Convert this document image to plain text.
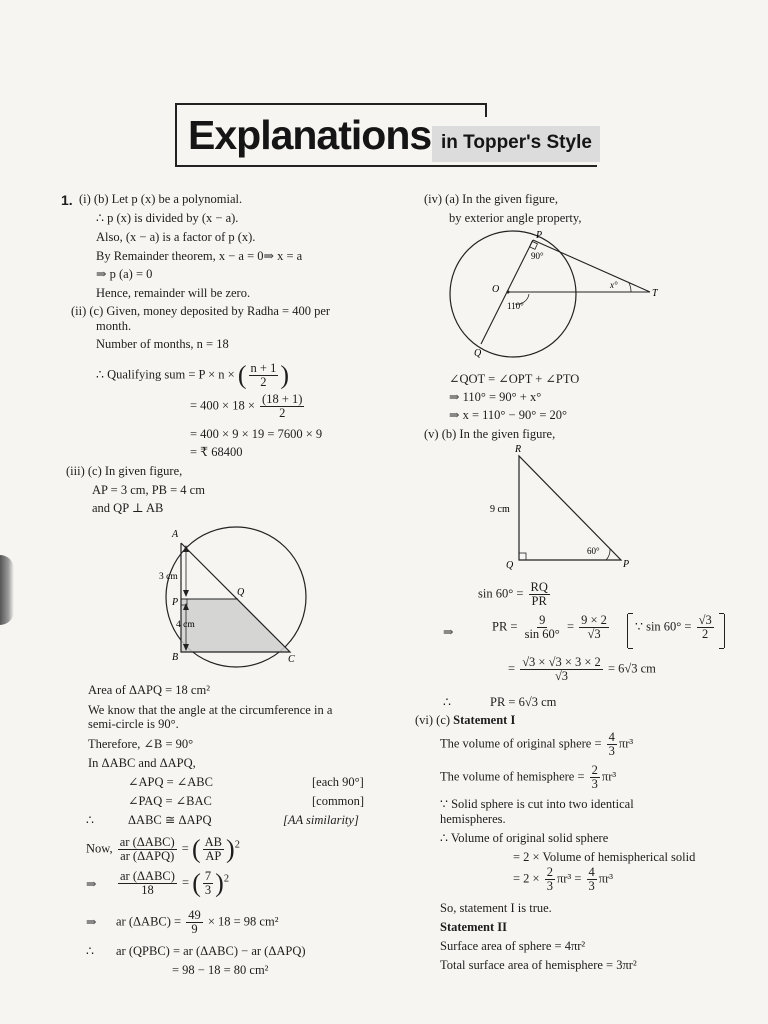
Explanations in Topper's Style
1. (i) (b) Let p (x) be a polynomial.
∴ p (x) is divided by (x − a).
Also, (x − a) is a factor of p (x).
By Remainder theorem, x − a = 0⇒ x = a
⇒ p (a) = 0
Hence, remainder will be zero.
(ii) (c) Given, money deposited by Radha = 400 per
month.
Number of months, n = 18
∴ Qualifying sum = P × n × ( $\frac{n + 1}{2}$ )
= $400 \times 18 \times \frac{(18 + 1)}{2}$
= 400 × 9 × 19 = 7600 × 9
= ₹ 68400
(iii) (c) In given figure,
AP = 3 cm, PB = 4 cm
and QP ⊥ AB
A
B	C
P
Q
3 cm
4 cm
Area of ΔAPQ = 18 cm²
We know that the angle at the circumference in a
semi-circle is 90°.
Therefore, ∠B = 90°
In ΔABC and ΔAPQ,
∠APQ = ∠ABC	[each 90°]
∠PAQ = ∠BAC	[common]
∴	ΔABC ≅ ΔAPQ	[AA similarity]
Now, $\frac{\text{ar (ΔABC)}}{\text{ar (ΔAPQ)}}$ = ( $\frac{AB}{AP} )^2$
⇒ $\frac{\text{ar (ΔABC)}}{18}$ = ( $\frac{7}{3} )^2$
⇒ ar $(\Delta ABC) = \frac{49}{9} \times 18 = 98$ cm²
∴ ar (QPBC) = ar (ΔABC) − ar (ΔAPQ)
= 98 − 18 = 80 cm²
(iv) (a) In the given figure,
by exterior angle property,
P
90°
O
110°
x°
T
Q
∠QOT = ∠OPT + ∠PTO
⇒ 110° = 90° + x°
⇒ x = 110° − 90° = 20°
(v) (b) In the given figure,
R
Q	P
9 cm
60°
$\sin 60^\circ = \frac{RQ}{PR}$
⇒	PR = $\frac{9}{\sin 60^\circ} = \frac{9 \times 2}{√3}$ ∵ $\sin 60^\circ = \frac{√3}{2}$
= $\frac{√3 \times √3 \times 3 \times 2}{√3} = 6√3$ cm
∴	PR = 6√3 cm
(vi) (c) Statement I
The volume of original sphere = $\frac{4}{3} \pi r^3$
The volume of hemisphere = $\frac{2}{3} \pi r^3$
∵ Solid sphere is cut into two identical
hemispheres.
∴ Volume of original solid sphere
= 2 × Volume of hemispherical solid
= $2 \times \frac{2}{3} \pi r^3 = \frac{4}{3} \pi r^3$
So, statement I is true.
Statement II
Surface area of sphere = 4πr²
Total surface area of hemisphere = 3πr²
